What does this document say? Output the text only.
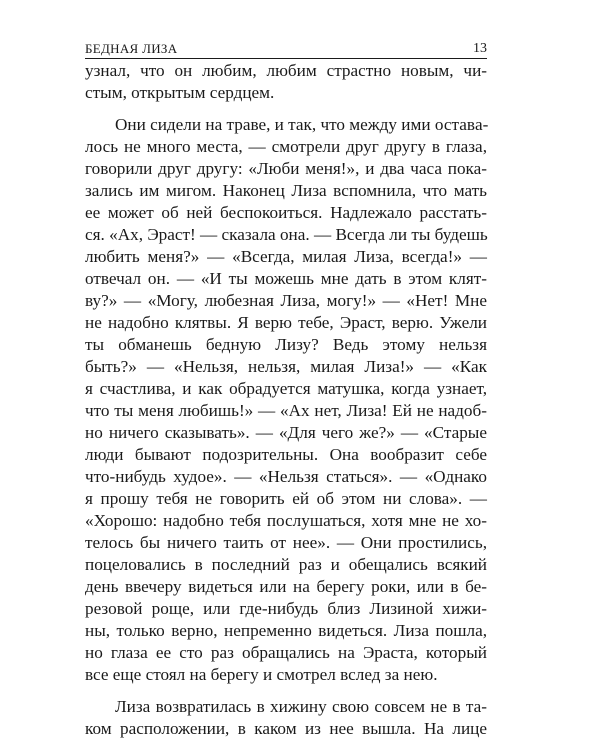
БЕДНАЯ ЛИЗА	13
узнал, что он любим, любим страстно новым, чи-
стым, открытым сердцем.
Они сидели на траве, и так, что между ими оставa-
лось не много места, — смотрели друг другу в глаза,
говорили друг другу: «Люби меня!», и два часа пока-
зались им мигом. Наконец Лиза вспомнила, что мать
ее может об ней беспокоиться. Надлежало расстать-
ся. «Ах, Эраст! — сказала она. — Всегда ли ты будешь
любить меня?» — «Всегда, милая Лиза, всегда!» —
отвечал он. — «И ты можешь мне дать в этом клят-
ву?» — «Могу, любезная Лиза, могу!» — «Нет! Мне
не надобно клятвы. Я верю тебе, Эраст, верю. Ужели
ты обманешь бедную Лизу? Ведь этому нельзя
быть?» — «Нельзя, нельзя, милая Лиза!» — «Как
я счастлива, и как обрадуется матушка, когда узнает,
что ты меня любишь!» — «Ах нет, Лиза! Ей не надоб-
но ничего сказывать». — «Для чего же?» — «Старые
люди бывают подозрительны. Она вообразит себе
что-нибудь худое». — «Нельзя статься». — «Однако
я прошу тебя не говорить ей об этом ни слова». —
«Хорошо: надобно тебя послушаться, хотя мне не хо-
телось бы ничего таить от нее». — Они простились,
поцеловались в последний раз и обещались всякий
день ввечеру видеться или на берегу роки, или в бе-
резовой роще, или где-нибудь близ Лизиной хижи-
ны, только верно, непременно видеться. Лиза пошла,
но глаза ее сто раз обращались на Эраста, который
все еще стоял на берегу и смотрел вслед за нею.
Лиза возвратилась в хижину свою совсем не в та-
ком расположении, в каком из нее вышла. На лице
